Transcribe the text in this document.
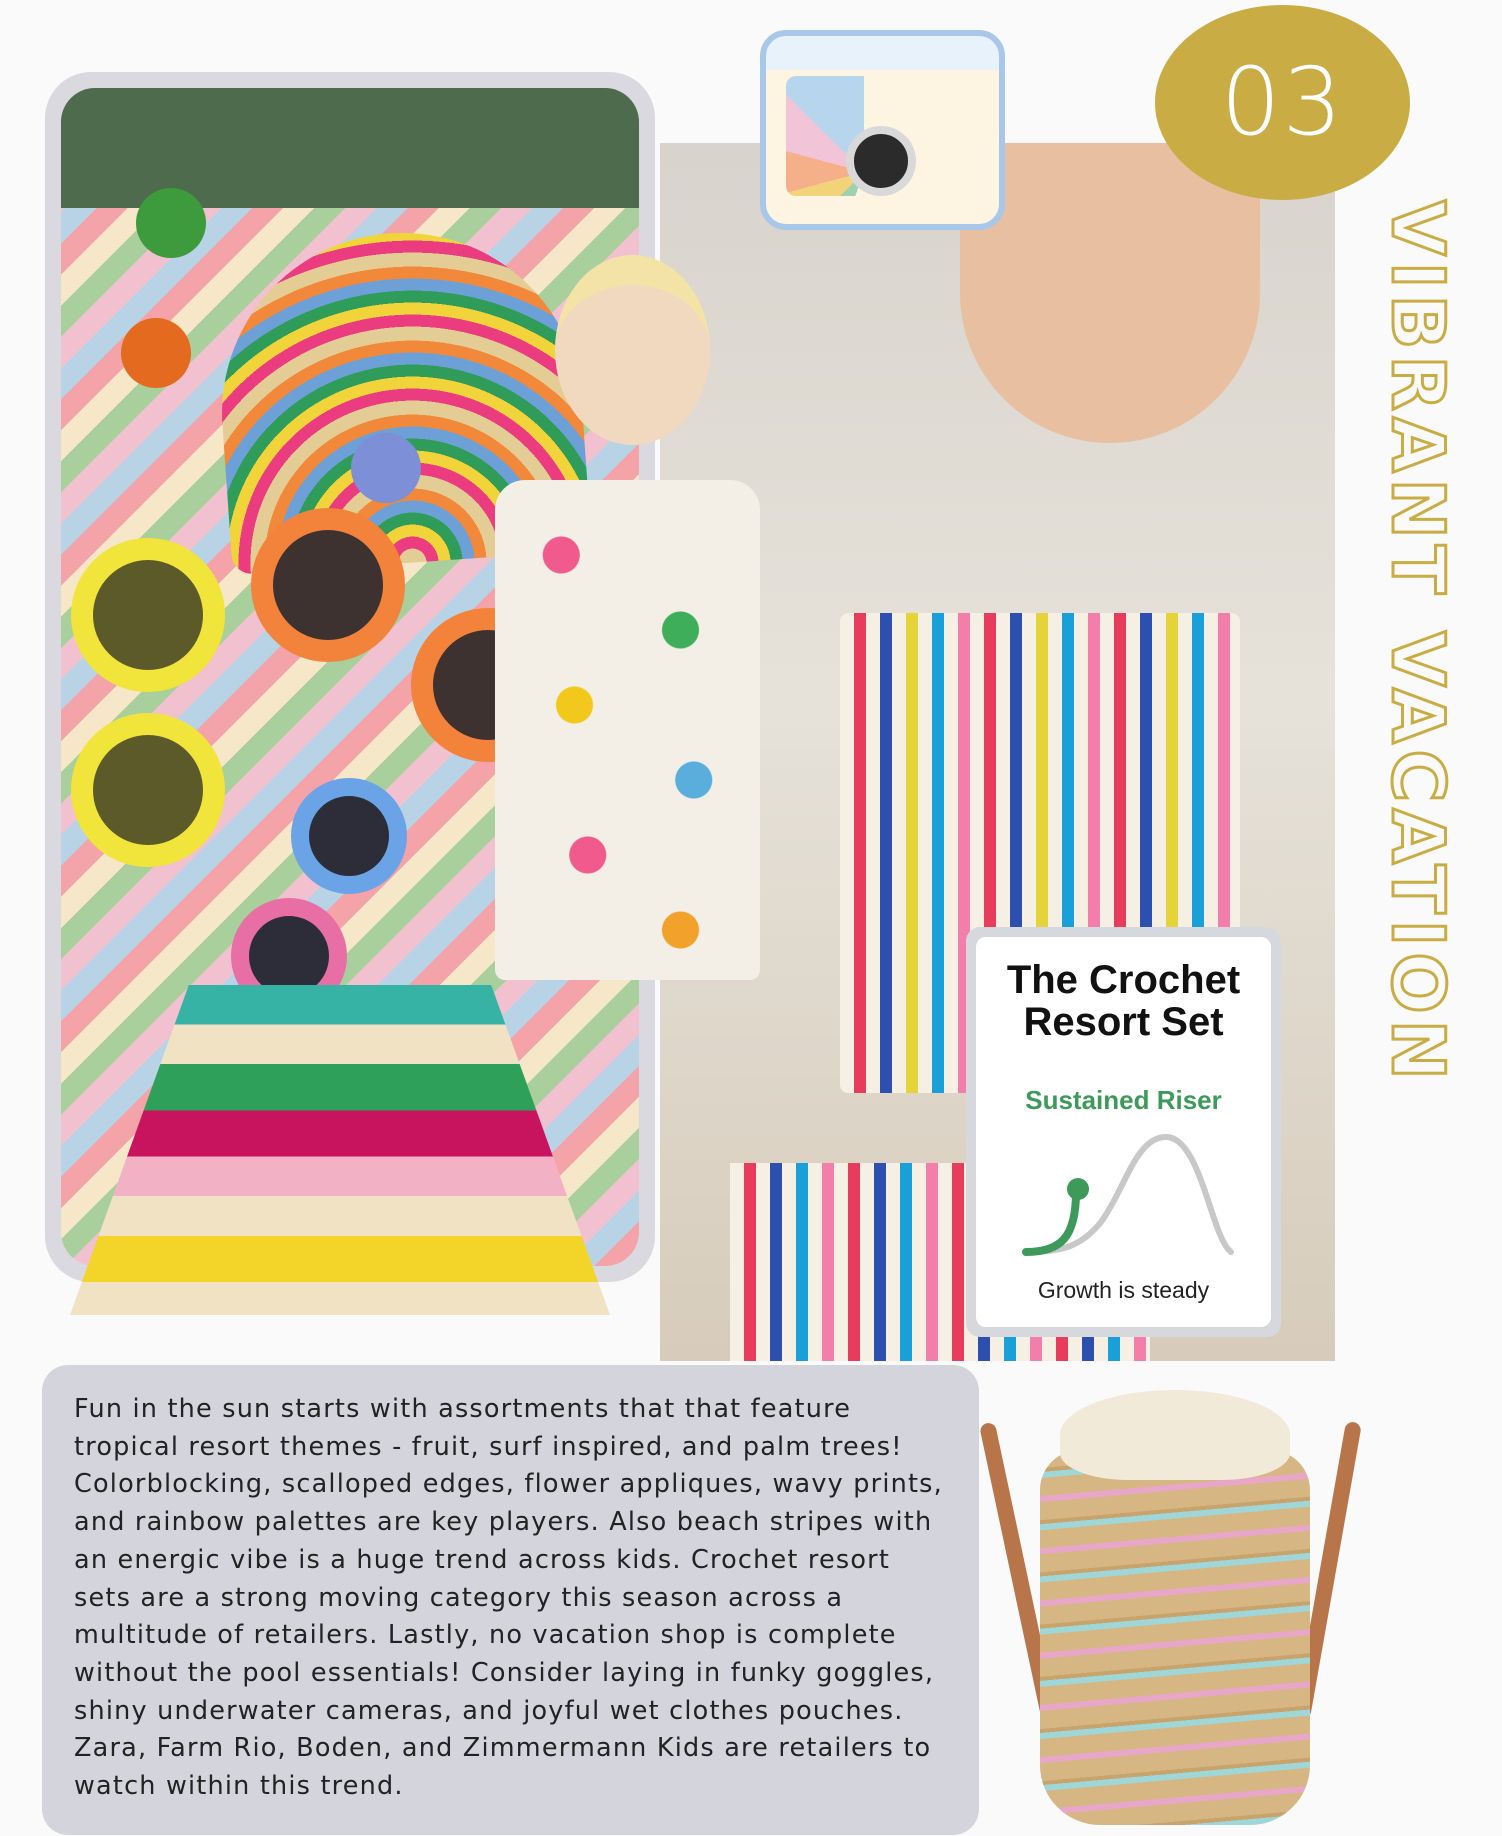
03
VIBRANT VACATION
The Crochet
Resort Set
Sustained Riser
Growth is steady

Fun in the sun starts with assortments that that feature tropical resort themes - fruit, surf inspired, and palm trees! Colorblocking, scalloped edges, flower appliques, wavy prints, and rainbow palettes are key players. Also beach stripes with an energic vibe is a huge trend across kids. Crochet resort sets are a strong moving category this season across a multitude of retailers. Lastly, no vacation shop is complete without the pool essentials! Consider laying in funky goggles, shiny underwater cameras, and joyful wet clothes pouches. Zara, Farm Rio, Boden, and Zimmermann Kids are retailers to watch within this trend.
